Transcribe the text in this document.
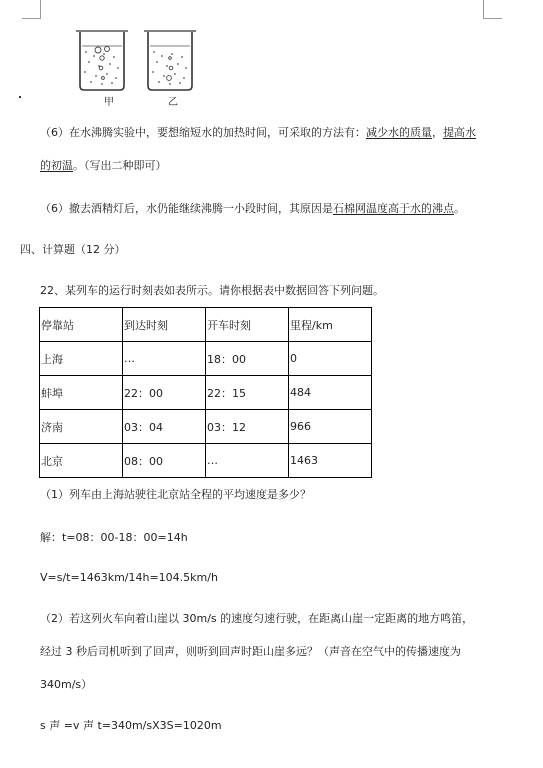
甲	乙
（6）在水沸腾实验中，要想缩短水的加热时间，可采取的方法有：减少水的质量，提高水
的初温。（写出二种即可）
（6）撤去酒精灯后，水仍能继续沸腾一小段时间，其原因是石棉网温度高于水的沸点。
四、计算题（12 分）
22、某列车的运行时刻表如表所示。请你根据表中数据回答下列问题。
停靠站	到达时刻	开车时刻	里程/km
上海	…	18：00	0
蚌埠	22：00	22：15	484
济南	03：04	03：12	966
北京	08：00	…	1463
（1）列车由上海站驶往北京站全程的平均速度是多少？
解：t=08：00-18：00=14h
V=s/t=1463km/14h=104.5km/h
（2）若这列火车向着山崖以 30m/s 的速度匀速行驶，在距离山崖一定距离的地方鸣笛，
经过 3 秒后司机听到了回声，则听到回声时距山崖多远？（声音在空气中的传播速度为
340m/s）
s 声 =v 声 t=340m/sX3S=1020m
